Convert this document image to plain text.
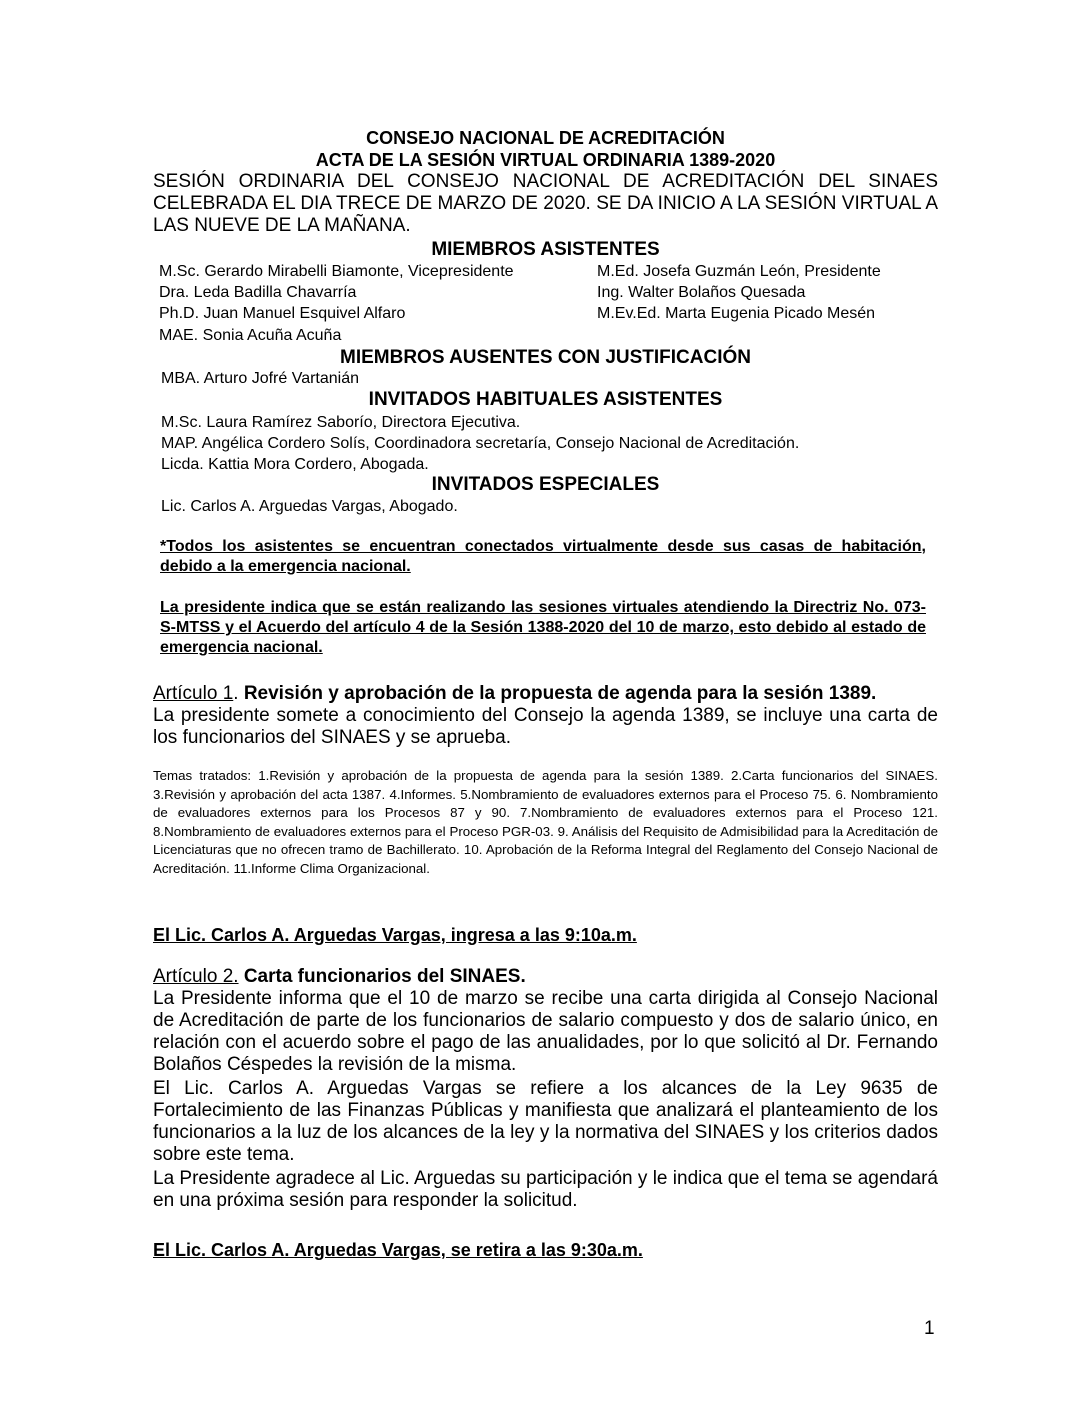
CONSEJO NACIONAL DE ACREDITACIÓN
ACTA DE LA SESIÓN VIRTUAL ORDINARIA 1389-2020
SESIÓN ORDINARIA DEL CONSEJO NACIONAL DE ACREDITACIÓN DEL SINAES CELEBRADA EL DIA TRECE DE MARZO DE 2020. SE DA INICIO A LA SESIÓN VIRTUAL A LAS NUEVE DE LA MAÑANA.
MIEMBROS ASISTENTES
M.Sc. Gerardo Mirabelli Biamonte, Vicepresidente
Dra. Leda Badilla Chavarría
Ph.D. Juan Manuel Esquivel Alfaro
MAE. Sonia Acuña Acuña
M.Ed. Josefa Guzmán León, Presidente
Ing. Walter Bolaños Quesada
M.Ev.Ed. Marta Eugenia Picado Mesén
MIEMBROS AUSENTES CON JUSTIFICACIÓN
MBA. Arturo Jofré Vartanián
INVITADOS HABITUALES ASISTENTES
M.Sc. Laura Ramírez Saborío, Directora Ejecutiva.
MAP. Angélica Cordero Solís, Coordinadora secretaría, Consejo Nacional de Acreditación.
Licda. Kattia Mora Cordero, Abogada.
INVITADOS ESPECIALES
Lic. Carlos A. Arguedas Vargas, Abogado.
*Todos los asistentes se encuentran conectados virtualmente desde sus casas de habitación, debido a la emergencia nacional.
La presidente indica que se están realizando las sesiones virtuales atendiendo la Directriz No. 073-S-MTSS y el Acuerdo del artículo 4 de la Sesión 1388-2020 del 10 de marzo, esto debido al estado de emergencia nacional.
Artículo 1. Revisión y aprobación de la propuesta de agenda para la sesión 1389.
La presidente somete a conocimiento del Consejo la agenda 1389, se incluye una carta de los funcionarios del SINAES y se aprueba.
Temas tratados: 1.Revisión y aprobación de la propuesta de agenda para la sesión 1389. 2.Carta funcionarios del SINAES. 3.Revisión y aprobación del acta 1387. 4.Informes. 5.Nombramiento de evaluadores externos para el Proceso 75. 6. Nombramiento de evaluadores externos para los Procesos 87 y 90. 7.Nombramiento de evaluadores externos para el Proceso 121. 8.Nombramiento de evaluadores externos para el Proceso PGR-03. 9. Análisis del Requisito de Admisibilidad para la Acreditación de Licenciaturas que no ofrecen tramo de Bachillerato. 10. Aprobación de la Reforma Integral del Reglamento del Consejo Nacional de Acreditación. 11.Informe Clima Organizacional.
El Lic. Carlos A. Arguedas Vargas, ingresa a las 9:10a.m.
Artículo 2. Carta funcionarios del SINAES.
La Presidente informa que el 10 de marzo se recibe una carta dirigida al Consejo Nacional de Acreditación de parte de los funcionarios de salario compuesto y dos de salario único, en relación con el acuerdo sobre el pago de las anualidades, por lo que solicitó al Dr. Fernando Bolaños Céspedes la revisión de la misma.
El Lic. Carlos A. Arguedas Vargas se refiere a los alcances de la Ley 9635 de Fortalecimiento de las Finanzas Públicas y manifiesta que analizará el planteamiento de los funcionarios a la luz de los alcances de la ley y la normativa del SINAES y los criterios dados sobre este tema.
La Presidente agradece al Lic. Arguedas su participación y le indica que el tema se agendará en una próxima sesión para responder la solicitud.
El Lic. Carlos A. Arguedas Vargas, se retira a las 9:30a.m.
1
